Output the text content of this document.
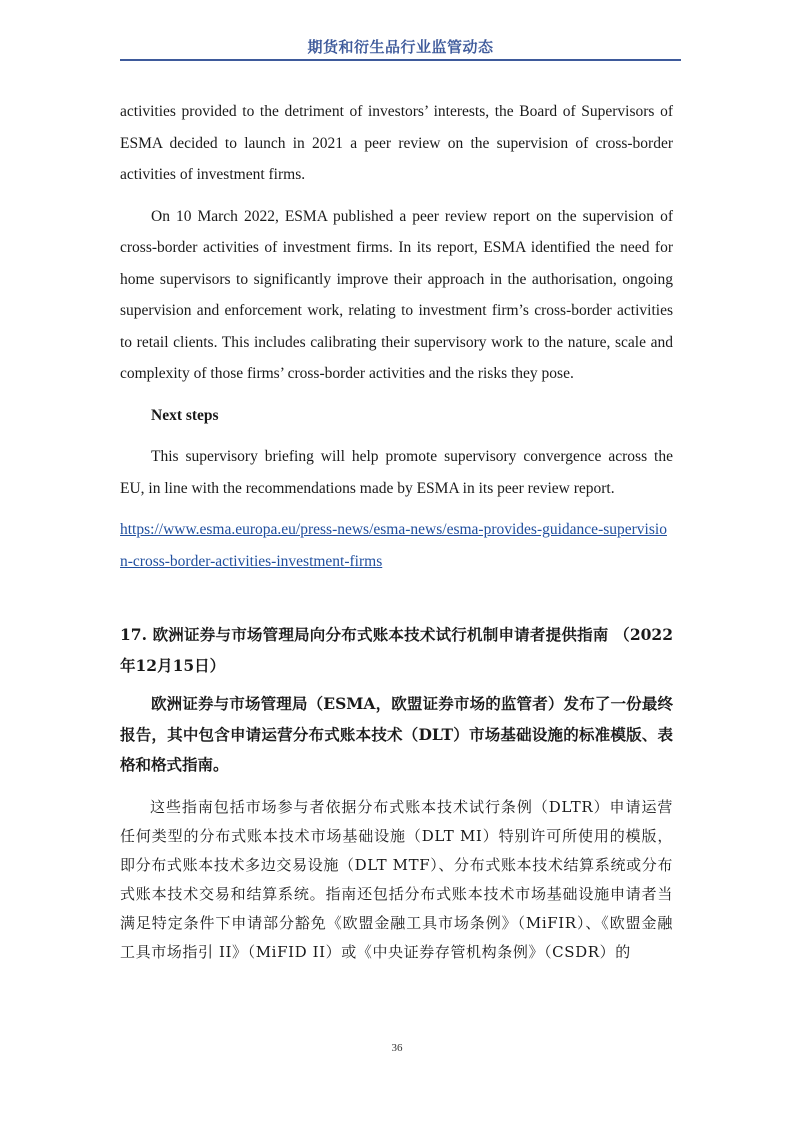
期货和衍生品行业监管动态

activities provided to the detriment of investors’ interests, the Board of Supervisors of ESMA decided to launch in 2021 a peer review on the supervision of cross-border activities of investment firms.

On 10 March 2022, ESMA published a peer review report on the supervision of cross-border activities of investment firms. In its report, ESMA identified the need for home supervisors to significantly improve their approach in the authorisation, ongoing supervision and enforcement work, relating to investment firm’s cross-border activities to retail clients. This includes calibrating their supervisory work to the nature, scale and complexity of those firms’ cross-border activities and the risks they pose.

Next steps

This supervisory briefing will help promote supervisory convergence across the EU, in line with the recommendations made by ESMA in its peer review report.

https://www.esma.europa.eu/press-news/esma-news/esma-provides-guidance-supervision-cross-border-activities-investment-firms

17. 欧洲证券与市场管理局向分布式账本技术试行机制申请者提供指南 （2022年12月15日）

欧洲证券与市场管理局（ESMA，欧盟证券市场的监管者）发布了一份最终报告，其中包含申请运营分布式账本技术（DLT）市场基础设施的标准模版、表格和格式指南。

这些指南包括市场参与者依据分布式账本技术试行条例（DLTR）申请运营任何类型的分布式账本技术市场基础设施（DLT MI）特别许可所使用的模版，即分布式账本技术多边交易设施（DLT MTF）、分布式账本技术结算系统或分布式账本技术交易和结算系统。指南还包括分布式账本技术市场基础设施申请者当满足特定条件下申请部分豁免《欧盟金融工具市场条例》（MiFIR）、《欧盟金融工具市场指引 II》（MiFID II）或《中央证券存管机构条例》（CSDR）的

36
